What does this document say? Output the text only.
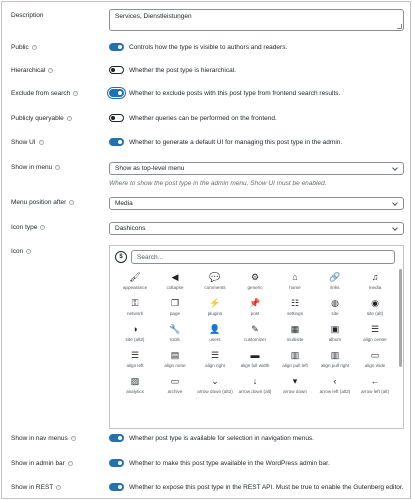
Description	Services, Dienstleistungen
Public	?	Controls how the type is visible to authors and readers.
Hierarchical	?	Whether the post type is hierarchical.
Exclude from search	?	Whether to exclude posts with this post type from frontend search results.
Publicly queryable	?	Whether queries can be performed on the frontend.
Show UI	?	Whether to generate a default UI for managing this post type in the admin.
Show in menu	?	Show as top-level menu
Where to show the post type in the admin menu. Show UI must be enabled.
Menu position after	?	Media
Icon type	?	Dashicons
Icon	?
$	Search...
🖌
appearance
◀
collapse
💬
comments
⚙
generic
⌂
home
🔗
links
♫
media
⚿
network
❐
page
⚡
plugins
📌
post
☷
settings
◍
site
◉
site (alt)
◑
site (alt2)
🔧
tools
👤
users
✎
customizer
▦
multisite
▣
album
☰
align center
☰
align left
▤
align none
☰
align right
▬
align full width
▥
align pull left
▥
align pull right
▭
align wide
▨
analytics
▭
archive
⌄
arrow down (alt2)
↓
arrow down (alt)
▾
arrow down
‹
arrow left (alt2)
←
arrow left (alt)
Show in nav menus	?	Whether post type is available for selection in navigation menus.
Show in admin bar	?	Whether to make this post type available in the WordPress admin bar.
Show in REST	?	Whether to expose this post type in the REST API. Must be true to enable the Gutenberg editor.
